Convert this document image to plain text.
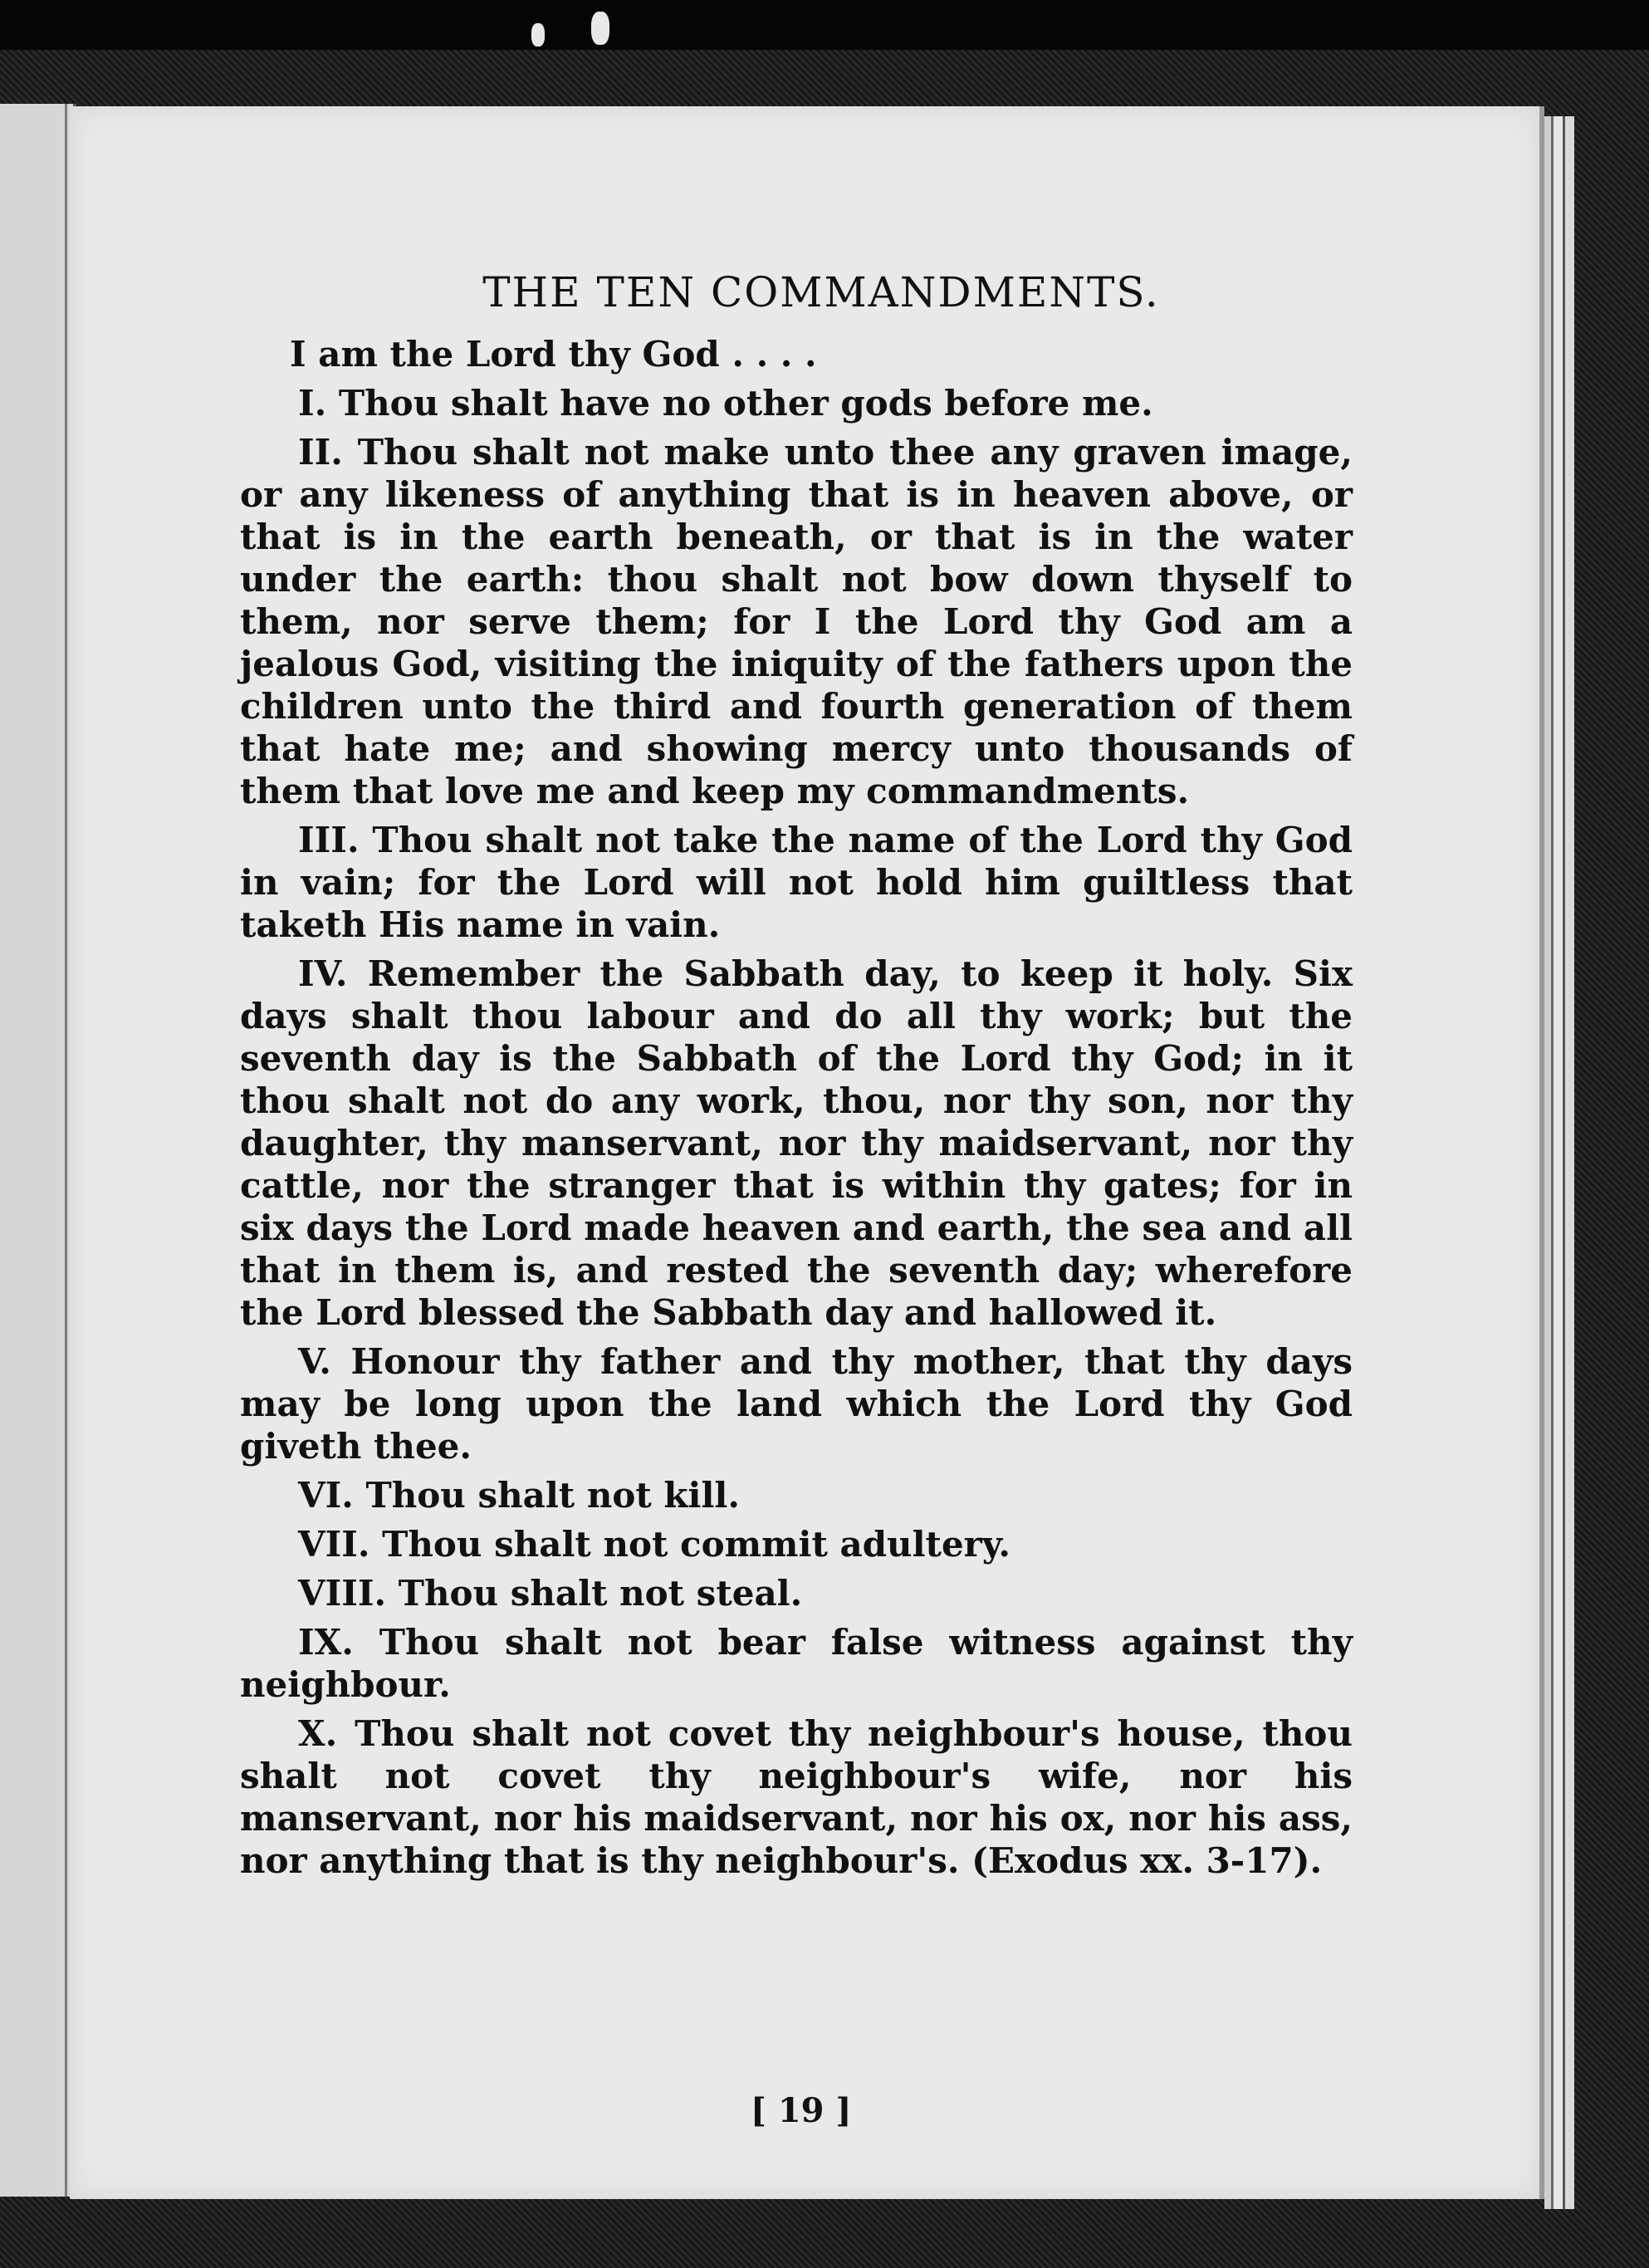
THE TEN COMMANDMENTS.

I am the Lord thy God . . . .

I. Thou shalt have no other gods before me.

II. Thou shalt not make unto thee any graven image, or any likeness of anything that is in heaven above, or that is in the earth beneath, or that is in the water under the earth: thou shalt not bow down thyself to them, nor serve them; for I the Lord thy God am a jealous God, visiting the iniquity of the fathers upon the children unto the third and fourth generation of them that hate me; and showing mercy unto thousands of them that love me and keep my commandments.

III. Thou shalt not take the name of the Lord thy God in vain; for the Lord will not hold him guiltless that taketh His name in vain.

IV. Remember the Sabbath day, to keep it holy. Six days shalt thou labour and do all thy work; but the seventh day is the Sabbath of the Lord thy God; in it thou shalt not do any work, thou, nor thy son, nor thy daughter, thy manservant, nor thy maidservant, nor thy cattle, nor the stranger that is within thy gates; for in six days the Lord made heaven and earth, the sea and all that in them is, and rested the seventh day; wherefore the Lord blessed the Sabbath day and hallowed it.

V. Honour thy father and thy mother, that thy days may be long upon the land which the Lord thy God giveth thee.

VI. Thou shalt not kill.

VII. Thou shalt not commit adultery.

VIII. Thou shalt not steal.

IX. Thou shalt not bear false witness against thy neighbour.

X. Thou shalt not covet thy neighbour's house, thou shalt not covet thy neighbour's wife, nor his manservant, nor his maidservant, nor his ox, nor his ass, nor anything that is thy neighbour's. (Exodus xx. 3-17).

[ 19 ]
